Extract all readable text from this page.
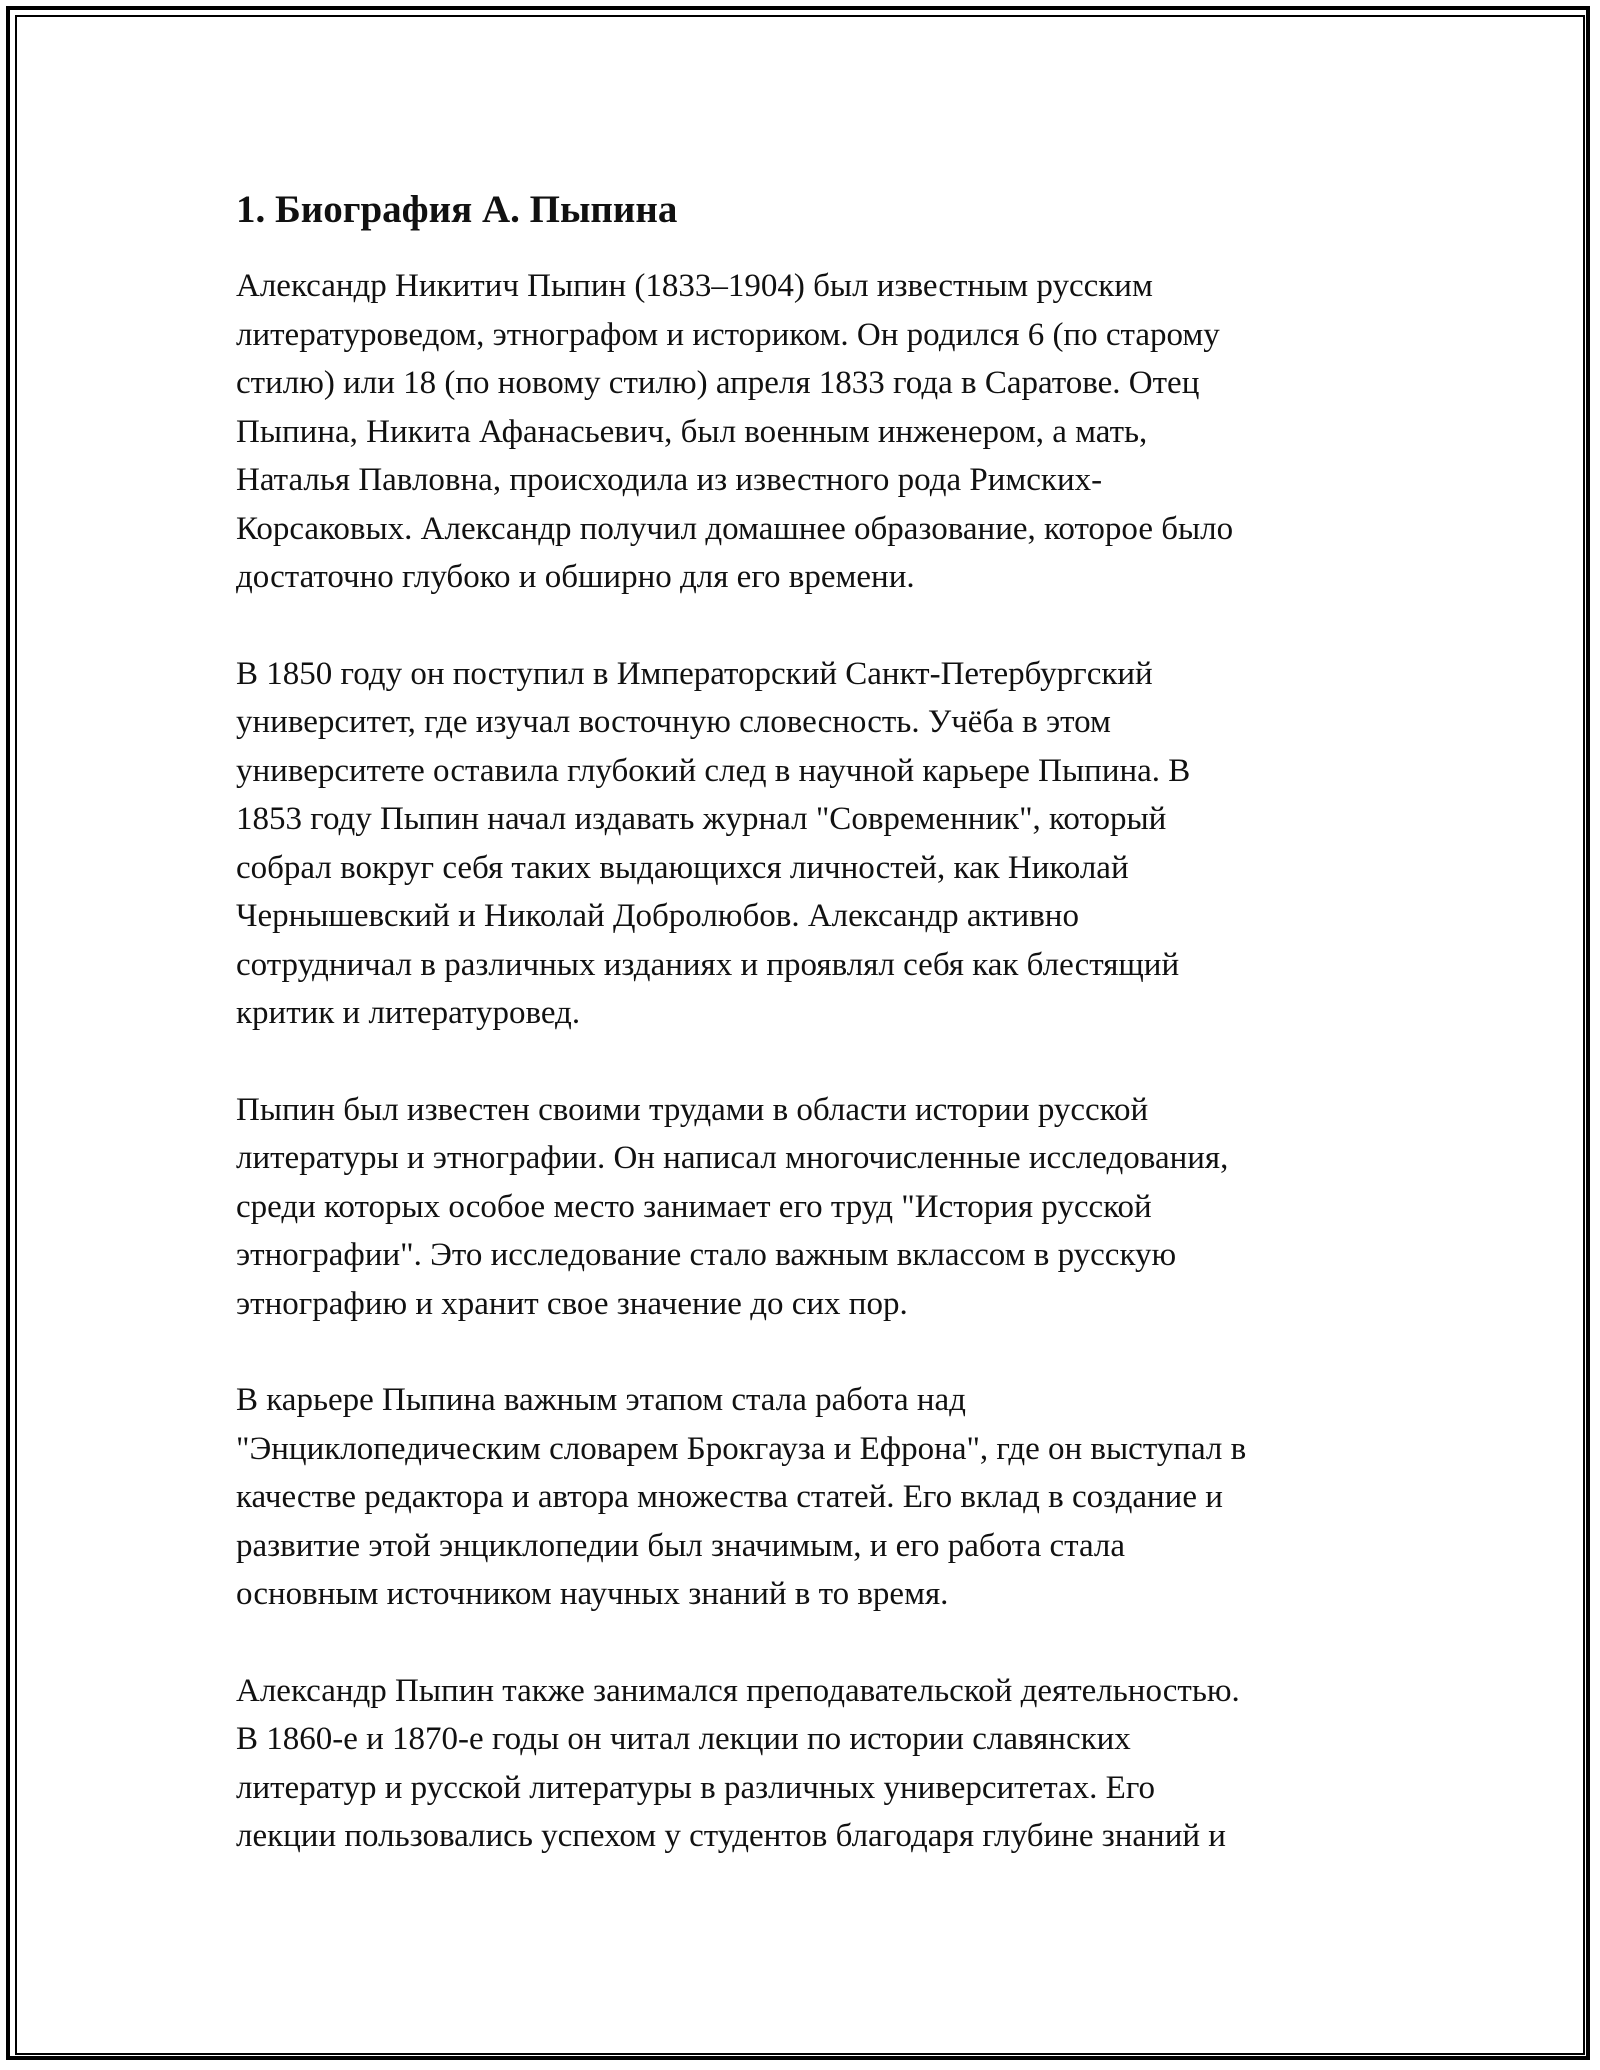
1. Биография А. Пыпина

Александр Никитич Пыпин (1833–1904) был известным русским
литературоведом, этнографом и историком. Он родился 6 (по старому
стилю) или 18 (по новому стилю) апреля 1833 года в Саратове. Отец
Пыпина, Никита Афанасьевич, был военным инженером, а мать,
Наталья Павловна, происходила из известного рода Римских-
Корсаковых. Александр получил домашнее образование, которое было
достаточно глубоко и обширно для его времени.

В 1850 году он поступил в Императорский Санкт-Петербургский
университет, где изучал восточную словесность. Учёба в этом
университете оставила глубокий след в научной карьере Пыпина. В
1853 году Пыпин начал издавать журнал "Современник", который
собрал вокруг себя таких выдающихся личностей, как Николай
Чернышевский и Николай Добролюбов. Александр активно
сотрудничал в различных изданиях и проявлял себя как блестящий
критик и литературовед.

Пыпин был известен своими трудами в области истории русской
литературы и этнографии. Он написал многочисленные исследования,
среди которых особое место занимает его труд "История русской
этнографии". Это исследование стало важным вклассом в русскую
этнографию и хранит свое значение до сих пор.

В карьере Пыпина важным этапом стала работа над
"Энциклопедическим словарем Брокгауза и Ефрона", где он выступал в
качестве редактора и автора множества статей. Его вклад в создание и
развитие этой энциклопедии был значимым, и его работа стала
основным источником научных знаний в то время.

Александр Пыпин также занимался преподавательской деятельностью.
В 1860-е и 1870-е годы он читал лекции по истории славянских
литератур и русской литературы в различных университетах. Его
лекции пользовались успехом у студентов благодаря глубине знаний и
